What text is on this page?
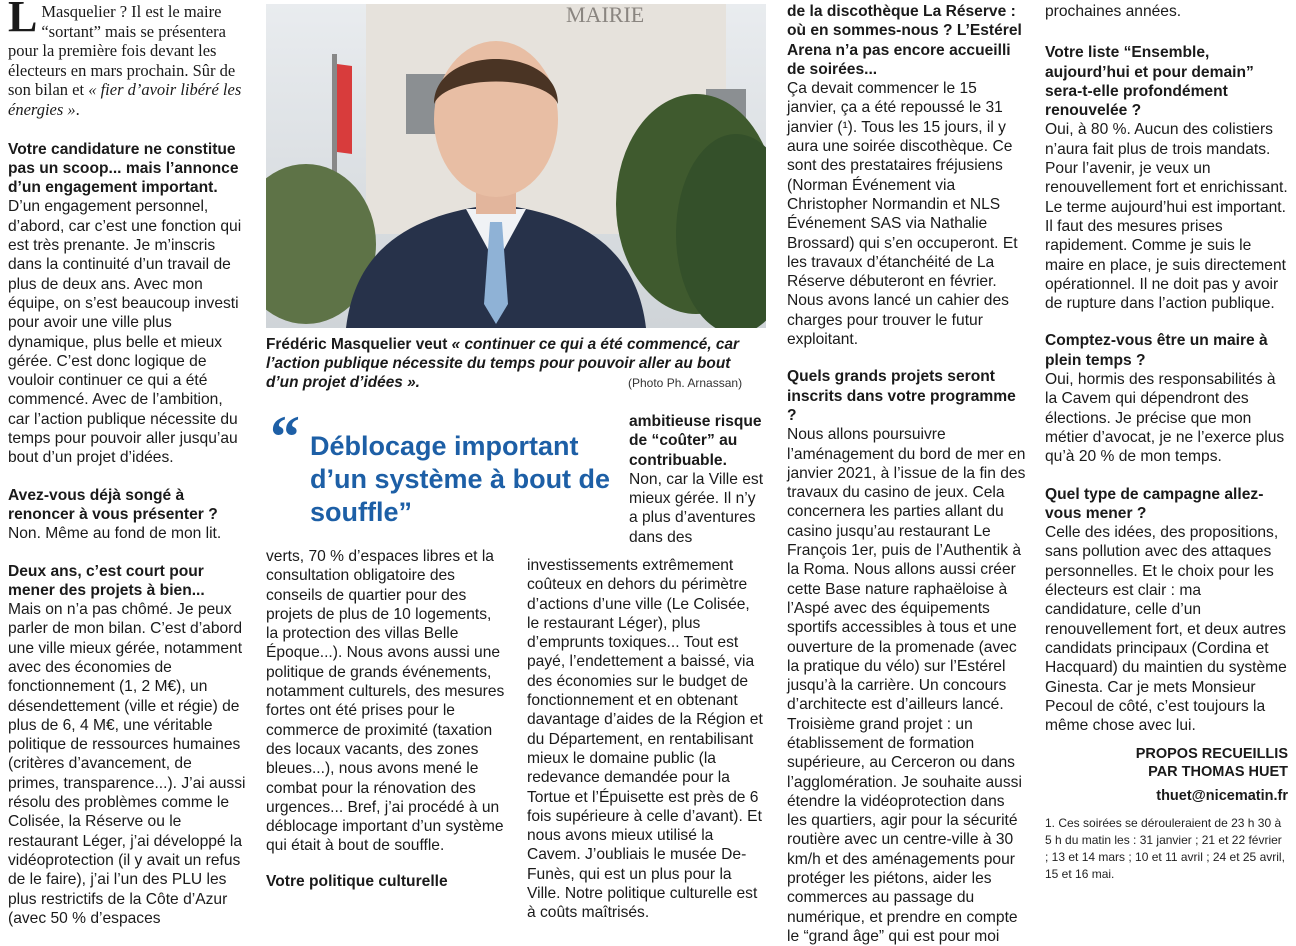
L Masquelier ? Il est le maire “sortant” mais se présentera pour la première fois devant les électeurs en mars prochain. Sûr de son bilan et « fier d’avoir libéré les énergies ».

Votre candidature ne constitue pas un scoop... mais l’annonce d’un engagement important.

D’un engagement personnel, d’abord, car c’est une fonction qui est très prenante. Je m’inscris dans la continuité d’un travail de plus de deux ans. Avec mon équipe, on s’est beaucoup investi pour avoir une ville plus dynamique, plus belle et mieux gérée. C’est donc logique de vouloir continuer ce qui a été commencé. Avec de l’ambition, car l’action publique nécessite du temps pour pouvoir aller jusqu’au bout d’un projet d’idées.

Avez-vous déjà songé à renoncer à vous présenter ?

Non. Même au fond de mon lit.

Deux ans, c’est court pour mener des projets à bien...

Mais on n’a pas chômé. Je peux parler de mon bilan. C’est d’abord une ville mieux gérée, notamment avec des économies de fonctionnement (1, 2 M€), un désendettement (ville et régie) de plus de 6, 4 M€, une véritable politique de ressources humaines (critères d’avancement, de primes, transparence...). J’ai aussi résolu des problèmes comme le Colisée, la Réserve ou le restaurant Léger, j’ai développé la vidéoprotection (il y avait un refus de le faire), j’ai l’un des PLU les plus restrictifs de la Côte d’Azur (avec 50 % d’espaces

MAIRIE
Frédéric Masquelier veut « continuer ce qui a été commencé, car l’action publique nécessite du temps pour pouvoir aller au bout d’un projet d’idées ».	(Photo Ph. Arnassan)
“ Déblocage important d’un système à bout de souffle”

ambitieuse risque de “coûter” au contribuable.

Non, car la Ville est mieux gérée. Il n’y a plus d’aventures dans des

verts, 70 % d’espaces libres et la consultation obligatoire des conseils de quartier pour des projets de plus de 10 logements, la protection des villas Belle Époque...). Nous avons aussi une politique de grands événements, notamment culturels, des mesures fortes ont été prises pour le commerce de proximité (taxation des locaux vacants, des zones bleues...), nous avons mené le combat pour la rénovation des urgences... Bref, j’ai procédé à un déblocage important d’un système qui était à bout de souffle.

Votre politique culturelle

investissements extrêmement coûteux en dehors du périmètre d’actions d’une ville (Le Colisée, le restaurant Léger), plus d’emprunts toxiques... Tout est payé, l’endettement a baissé, via des économies sur le budget de fonctionnement et en obtenant davantage d’aides de la Région et du Département, en rentabilisant mieux le domaine public (la redevance demandée pour la Tortue et l’Épuisette est près de 6 fois supérieure à celle d’avant). Et nous avons mieux utilisé la Cavem. J’oubliais le musée De-Funès, qui est un plus pour la Ville. Notre politique culturelle est à coûts maîtrisés.

de la discothèque La Réserve : où en sommes-nous ? L’Estérel Arena n’a pas encore accueilli de soirées...

Ça devait commencer le 15 janvier, ça a été repoussé le 31 janvier (¹). Tous les 15 jours, il y aura une soirée discothèque. Ce sont des prestataires fréjusiens (Norman Événement via Christopher Normandin et NLS Événement SAS via Nathalie Brossard) qui s’en occuperont. Et les travaux d’étanchéité de La Réserve débuteront en février. Nous avons lancé un cahier des charges pour trouver le futur exploitant.

Quels grands projets seront inscrits dans votre programme ?

Nous allons poursuivre l’aménagement du bord de mer en janvier 2021, à l’issue de la fin des travaux du casino de jeux. Cela concernera les parties allant du casino jusqu’au restaurant Le François 1er, puis de l’Authentik à la Roma. Nous allons aussi créer cette Base nature raphaëloise à l’Aspé avec des équipements sportifs accessibles à tous et une ouverture de la promenade (avec la pratique du vélo) sur l’Estérel jusqu’à la carrière. Un concours d’architecte est d’ailleurs lancé. Troisième grand projet : un établissement de formation supérieure, au Cerceron ou dans l’agglomération. Je souhaite aussi étendre la vidéoprotection dans les quartiers, agir pour la sécurité routière avec un centre-ville à 30 km/h et des aménagements pour protéger les piétons, aider les commerces au passage du numérique, et prendre en compte le “grand âge” qui est pour moi

prochaines années.

Votre liste “Ensemble, aujourd’hui et pour demain” sera-t-elle profondément renouvelée ?

Oui, à 80 %. Aucun des colistiers n’aura fait plus de trois mandats. Pour l’avenir, je veux un renouvellement fort et enrichissant. Le terme aujourd’hui est important. Il faut des mesures prises rapidement. Comme je suis le maire en place, je suis directement opérationnel. Il ne doit pas y avoir de rupture dans l’action publique.

Comptez-vous être un maire à plein temps ?

Oui, hormis des responsabilités à la Cavem qui dépendront des élections. Je précise que mon métier d’avocat, je ne l’exerce plus qu’à 20 % de mon temps.

Quel type de campagne allez-vous mener ?

Celle des idées, des propositions, sans pollution avec des attaques personnelles. Et le choix pour les électeurs est clair : ma candidature, celle d’un renouvellement fort, et deux autres candidats principaux (Cordina et Hacquard) du maintien du système Ginesta. Car je mets Monsieur Pecoul de côté, c’est toujours la même chose avec lui.

PROPOS RECUEILLIS

PAR THOMAS HUET

thuet@nicematin.fr

1. Ces soirées se dérouleraient de 23 h 30 à 5 h du matin les : 31 janvier ; 21 et 22 février ; 13 et 14 mars ; 10 et 11 avril ; 24 et 25 avril, 15 et 16 mai.
